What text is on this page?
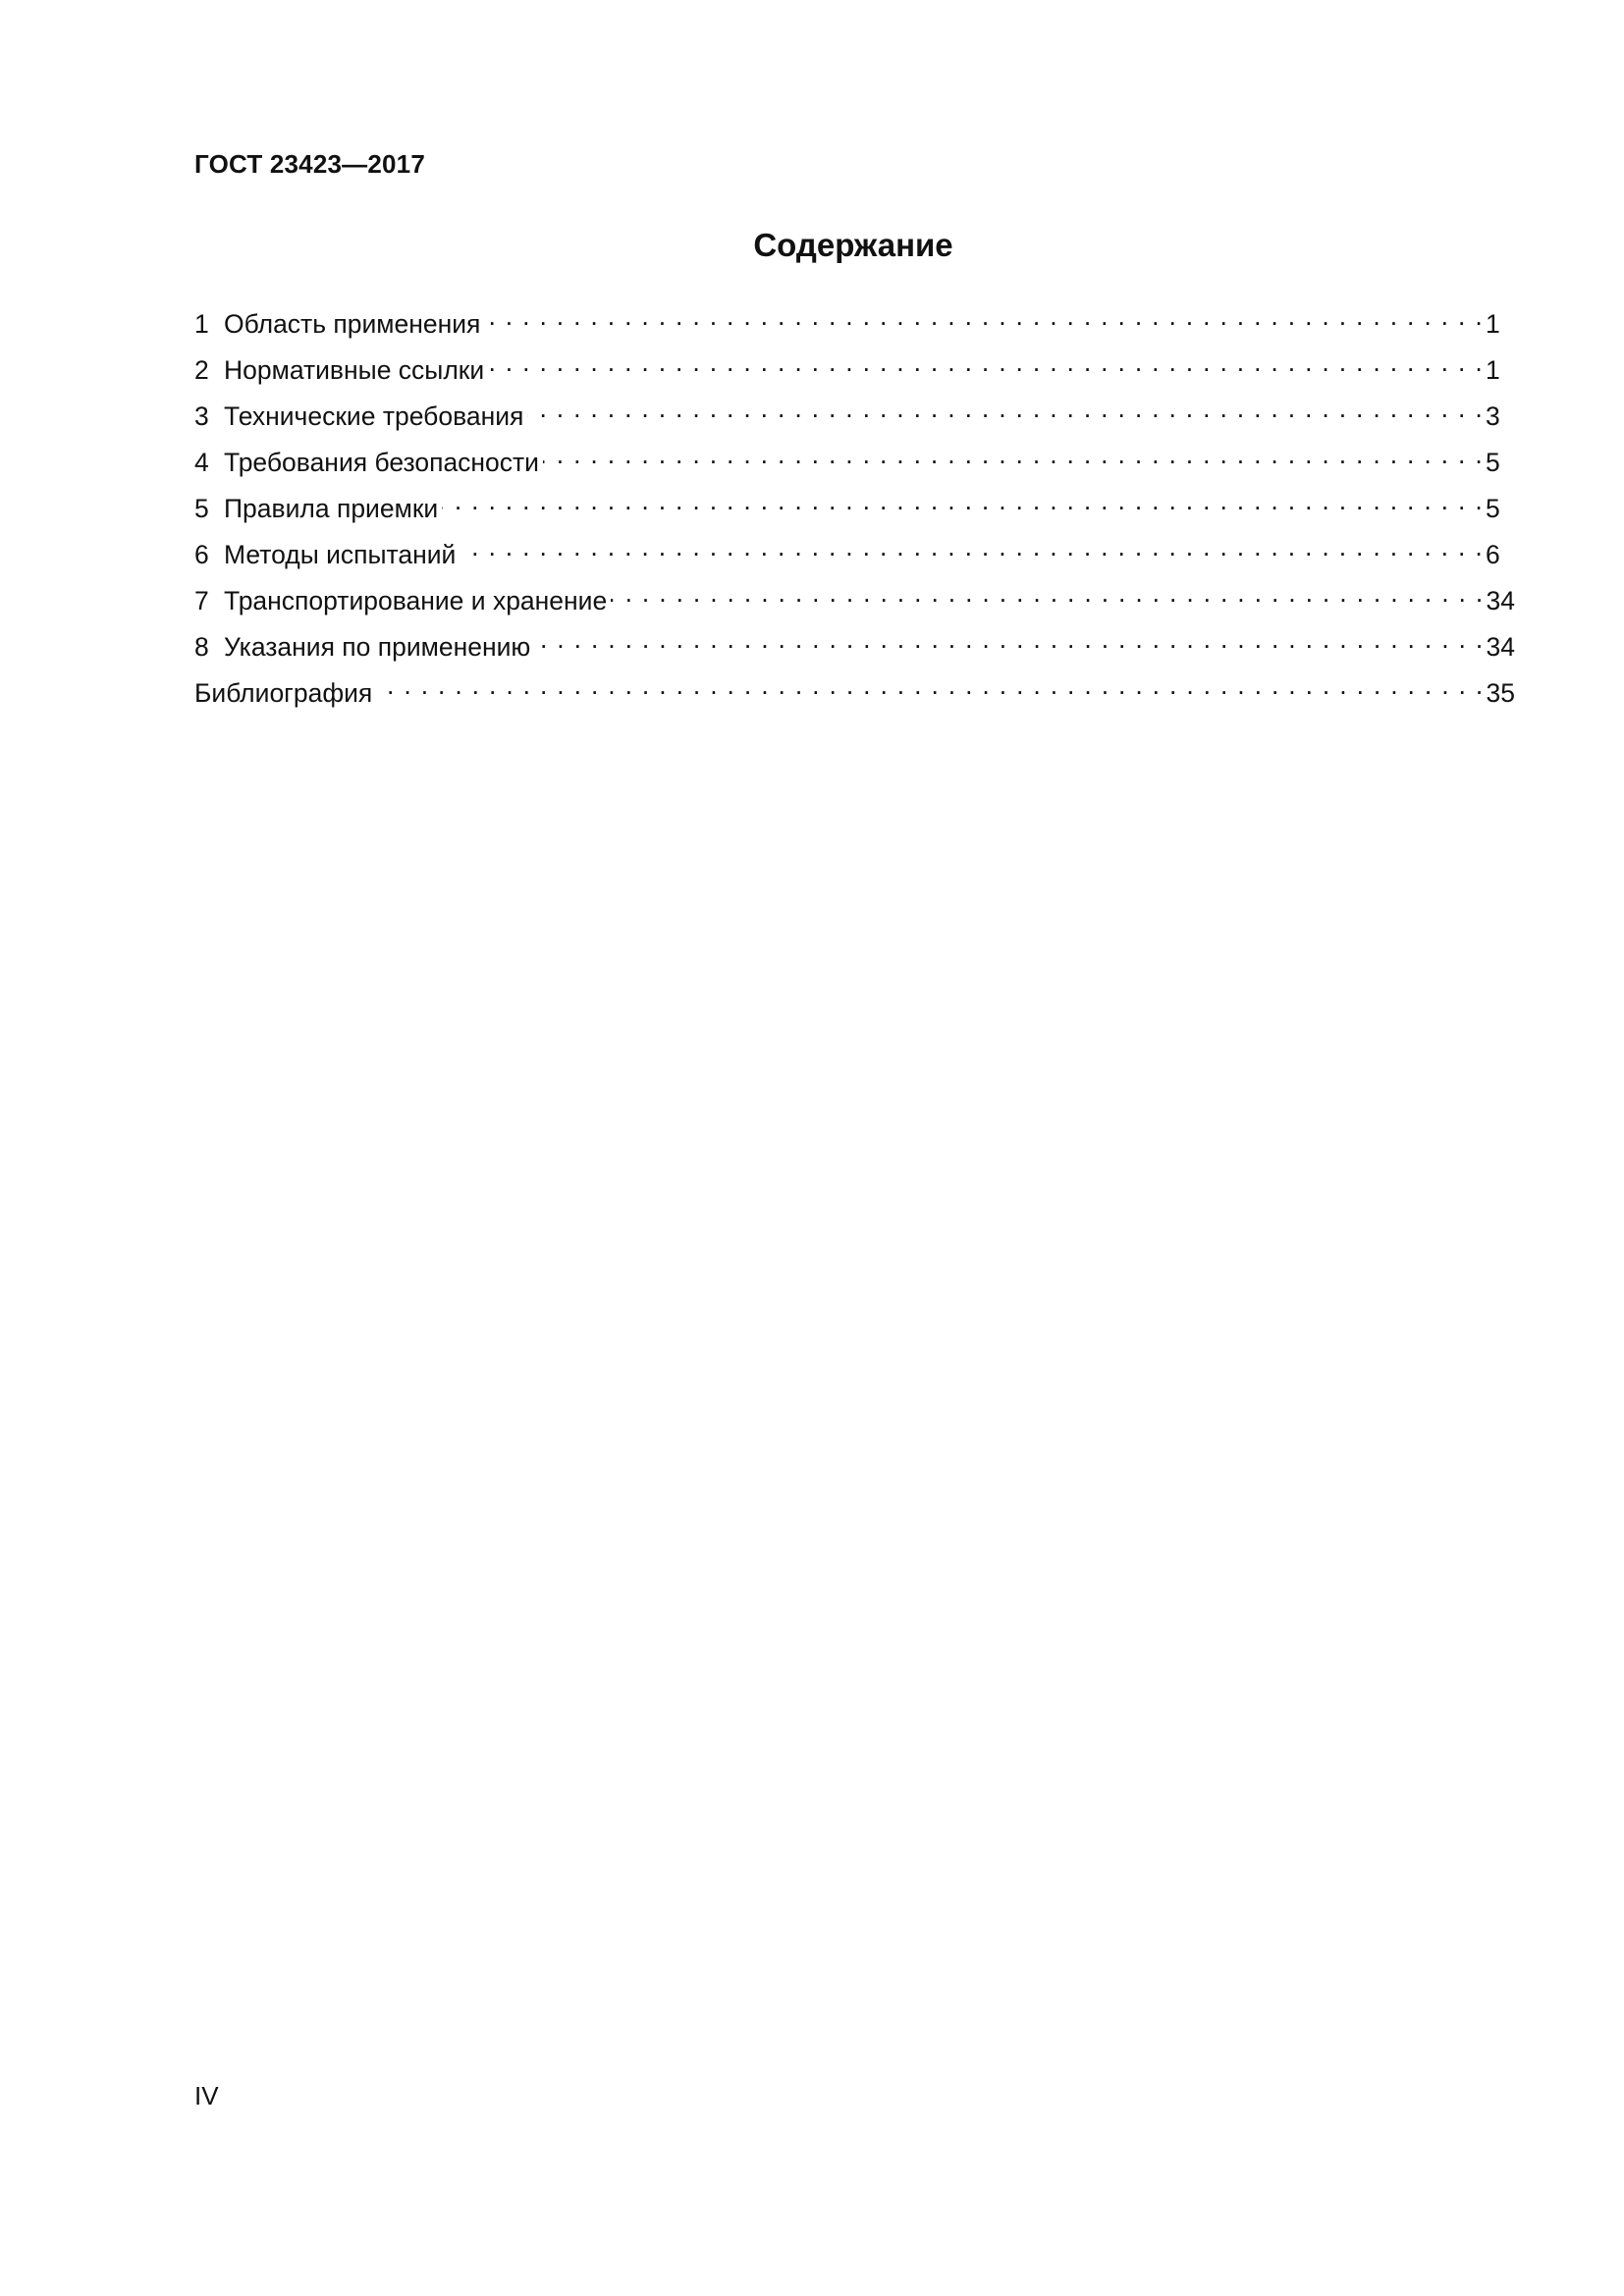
ГОСТ 23423—2017
Содержание
1 Область применения . . .	1
2 Нормативные ссылки . . .	1
3 Технические требования . . .	3
4 Требования безопасности . . .	5
5 Правила приемки . . .	5
6 Методы испытаний . . .	6
7 Транспортирование и хранение . . .	34
8 Указания по применению . . .	34
Библиография . . .	35
IV
